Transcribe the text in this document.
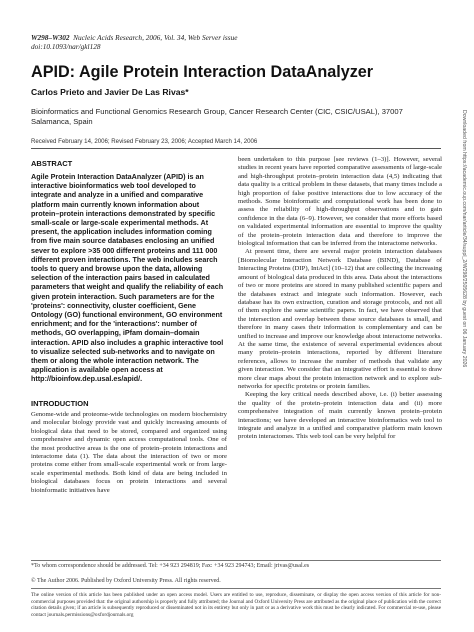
W298–W302 Nucleic Acids Research, 2006, Vol. 34, Web Server issue
doi:10.1093/nar/gkl128
APID: Agile Protein Interaction DataAnalyzer
Carlos Prieto and Javier De Las Rivas*
Bioinformatics and Functional Genomics Research Group, Cancer Research Center (CIC, CSIC/USAL), 37007 Salamanca, Spain
Received February 14, 2006; Revised February 23, 2006; Accepted March 14, 2006
ABSTRACT
Agile Protein Interaction DataAnalyzer (APID) is an interactive bioinformatics web tool developed to integrate and analyze in a unified and comparative platform main currently known information about protein–protein interactions demonstrated by specific small-scale or large-scale experimental methods. At present, the application includes information coming from five main source databases enclosing an unified sever to explore >35 000 different proteins and 111 000 different proven interactions. The web includes search tools to query and browse upon the data, allowing selection of the interaction pairs based in calculated parameters that weight and qualify the reliability of each given protein interaction. Such parameters are for the 'proteins': connectivity, cluster coefficient, Gene Ontology (GO) functional environment, GO environment enrichment; and for the 'interactions': number of methods, GO overlapping, iPfam domain–domain interaction. APID also includes a graphic interactive tool to visualize selected sub-networks and to navigate on them or along the whole interaction network. The application is available open access at http://bioinfow.dep.usal.es/apid/.
INTRODUCTION
Genome-wide and proteome-wide technologies on modern biochemistry and molecular biology provide vast and quickly increasing amounts of biological data that need to be stored, compared and organized using comprehensive and dynamic open access computational tools. One of the most productive areas is the one of protein–protein interactions and interactome data (1). The data about the interaction of two or more proteins come either from small-scale experimental work or from large-scale experimental methods. Both kind of data are being included in biological databases focus on protein interactions and several bioinformatic initiatives have

been undertaken to this purpose [see reviews (1–3)]. However, several studies in recent years have reported comparative assessments of large-scale and high-throughput protein–protein interaction data (4,5) indicating that data quality is a critical problem in these datasets, that many times include a high proportion of false positive interactions due to low accuracy of the methods. Some bioinformatic and computational work has been done to assess the reliability of high-throughput observations and to gain confidence in the data (6–9). However, we consider that more efforts based on validated experimental information are essential to improve the quality of the protein–protein interaction data and therefore to improve the biological information that can be inferred from the interactome networks.

At present time, there are several major protein interaction databases [Biomolecular Interaction Network Database (BIND), Database of Interacting Proteins (DIP), IntAct] (10–12) that are collecting the increasing amount of biological data produced in this area. Data about the interactions of two or more proteins are stored in many published scientific papers and the databases extract and integrate such information. However, each database has its own extraction, curation and storage protocols, and not all of them explore the same scientific papers. In fact, we have observed that the intersection and overlap between these source databases is small, and therefore in many cases their information is complementary and can be unified to increase and improve our knowledge about interactome networks. At the same time, the existence of several experimental evidences about many protein–protein interactions, reported by different literature references, allows to increase the number of methods that validate any given interaction. We consider that an integrative effort is essential to draw more clear maps about the protein interaction network and to explore sub-networks for specific proteins or protein families.

Keeping the key critical needs described above, i.e. (i) better assessing the quality of the protein–protein interaction data and (ii) more comprehensive integration of main currently known protein–protein interactions; we have developed an interactive bioinformatics web tool to integrate and analyze in a unified and comparative platform main known protein interactomes. This web tool can be very helpful for

*To whom correspondence should be addressed. Tel: +34 923 294819; Fax: +34 923 294743; Email: jrivas@usal.es
© The Author 2006. Published by Oxford University Press. All rights reserved.
The online version of this article has been published under an open access model. Users are entitled to use, reproduce, disseminate, or display the open access version of this article for non-commercial purposes provided that: the original authorship is properly and fully attributed; the Journal and Oxford University Press are attributed as the original place of publication with the correct citation details given; if an article is subsequently reproduced or disseminated not in its entirety but only in part or as a derivative work this must be clearly indicated. For commercial re-use, please contact journals.permissions@oxfordjournals.org
Downloaded from https://academic.oup.com/nar/article/34/suppl_2/W298/2505628 by guest on 06 January 2026
